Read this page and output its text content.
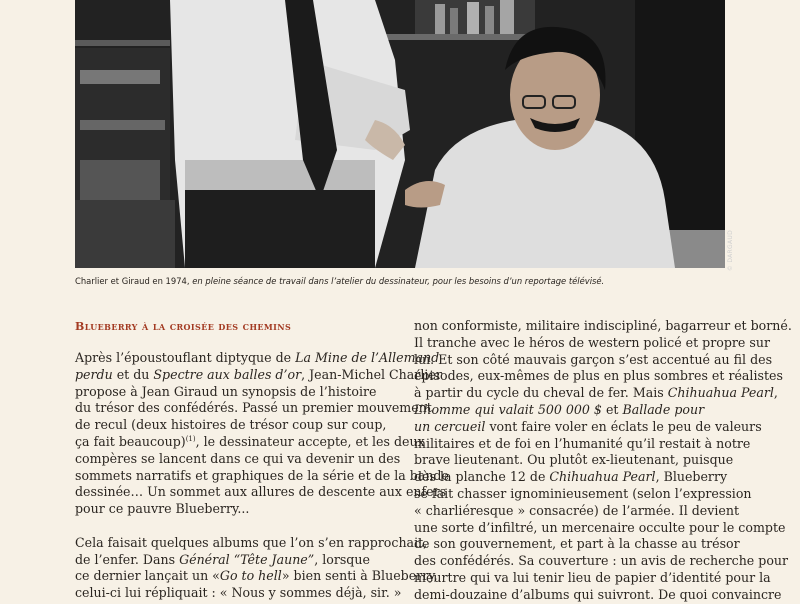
© DARGAUD
Charlier et Giraud en 1974, en pleine séance de travail dans l’atelier du dessinateur, pour les besoins d’un reportage télévisé.
Blueberry à la croisée des chemins
Après l’époustouflant diptyque de La Mine de l’Allemand
perdu et du Spectre aux balles d’or, Jean-Michel Charlier
propose à Jean Giraud un synopsis de l’histoire
du trésor des confédérés. Passé un premier mouvement
de recul (deux histoires de trésor coup sur coup,
ça fait beaucoup)$^{(1)}$, le dessinateur accepte, et les deux
compères se lancent dans ce qui va devenir un des
sommets narratifs et graphiques de la série et de la bande
dessinée… Un sommet aux allures de descente aux enfers
pour ce pauvre Blueberry...
Cela faisait quelques albums que l’on s’en rapprochait,
de l’enfer. Dans Général “Tête Jaune”, lorsque
ce dernier lançait un «Go to hell» bien senti à Blueberry,
celui-ci lui répliquait : « Nous y sommes déjà, sir. »
non conformiste, militaire indiscipliné, bagarreur et borné.
Il tranche avec le héros de western policé et propre sur
lui. Et son côté mauvais garçon s’est accentué au fil des
épisodes, eux-mêmes de plus en plus sombres et réalistes
à partir du cycle du cheval de fer. Mais Chihuahua Pearl,
L’homme qui valait 500 000 $ et Ballade pour
un cercueil vont faire voler en éclats le peu de valeurs
militaires et de foi en l’humanité qu’il restait à notre
brave lieutenant. Ou plutôt ex-lieutenant, puisque
dès la planche 12 de Chihuahua Pearl, Blueberry
se fait chasser ignominieusement (selon l’expression
« charliéresque » consacrée) de l’armée. Il devient
une sorte d’infiltré, un mercenaire occulte pour le compte
de son gouvernement, et part à la chasse au trésor
des confédérés. Sa couverture : un avis de recherche pour
meurtre qui va lui tenir lieu de papier d’identité pour la
demi-douzaine d’albums qui suivront. De quoi convaincre
